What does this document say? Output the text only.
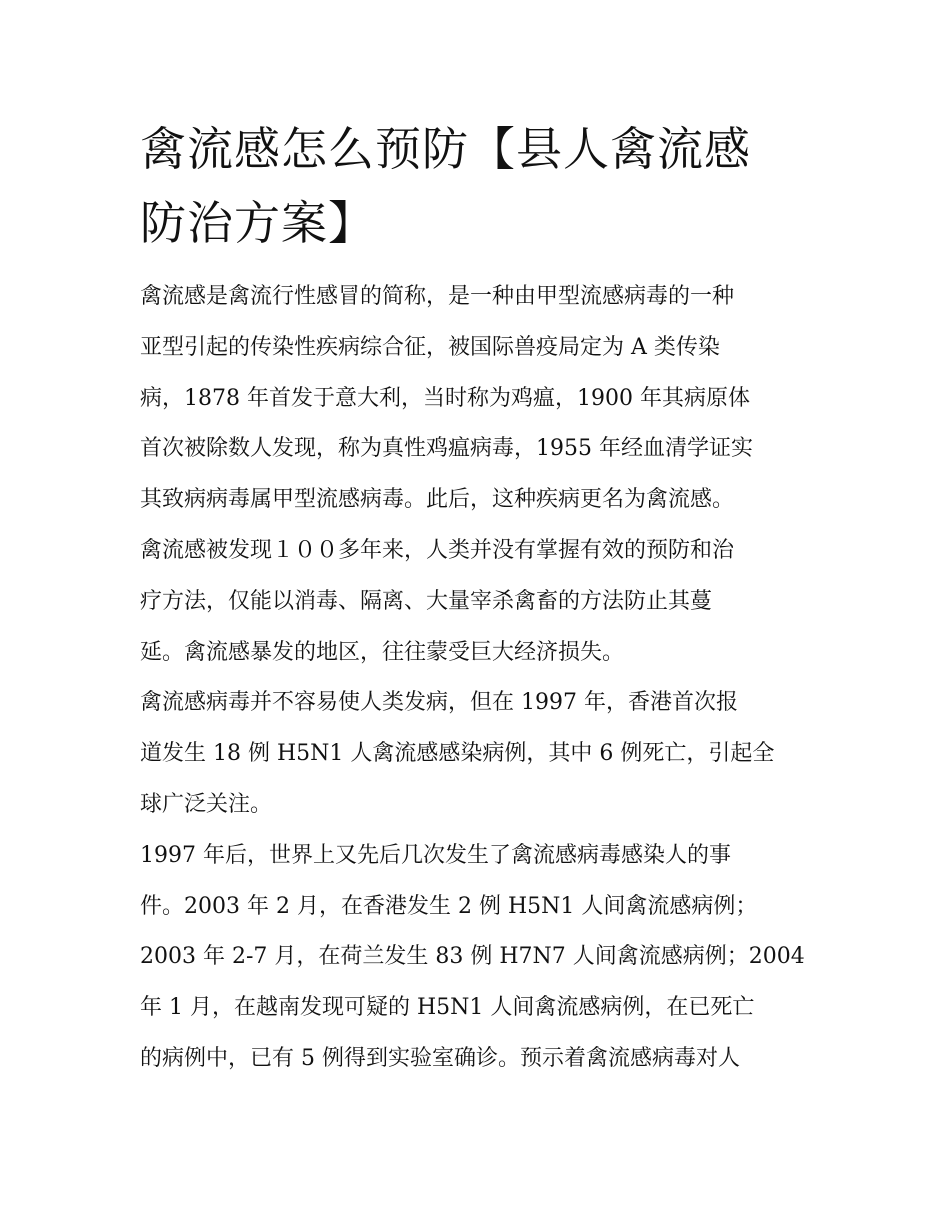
禽流感怎么预防【县人禽流感
防治方案】
禽流感是禽流行性感冒的简称，是一种由甲型流感病毒的一种
亚型引起的传染性疾病综合征，被国际兽疫局定为 A 类传染
病，1878 年首发于意大利，当时称为鸡瘟，1900 年其病原体
首次被除数人发现，称为真性鸡瘟病毒，1955 年经血清学证实
其致病病毒属甲型流感病毒。此后，这种疾病更名为禽流感。
禽流感被发现１００多年来，人类并没有掌握有效的预防和治
疗方法，仅能以消毒、隔离、大量宰杀禽畜的方法防止其蔓
延。禽流感暴发的地区，往往蒙受巨大经济损失。
禽流感病毒并不容易使人类发病，但在 1997 年，香港首次报
道发生 18 例 H5N1 人禽流感感染病例，其中 6 例死亡，引起全
球广泛关注。
1997 年后，世界上又先后几次发生了禽流感病毒感染人的事
件。2003 年 2 月，在香港发生 2 例 H5N1 人间禽流感病例；
2003 年 2-7 月，在荷兰发生 83 例 H7N7 人间禽流感病例；2004
年 1 月，在越南发现可疑的 H5N1 人间禽流感病例，在已死亡
的病例中，已有 5 例得到实验室确诊。预示着禽流感病毒对人
